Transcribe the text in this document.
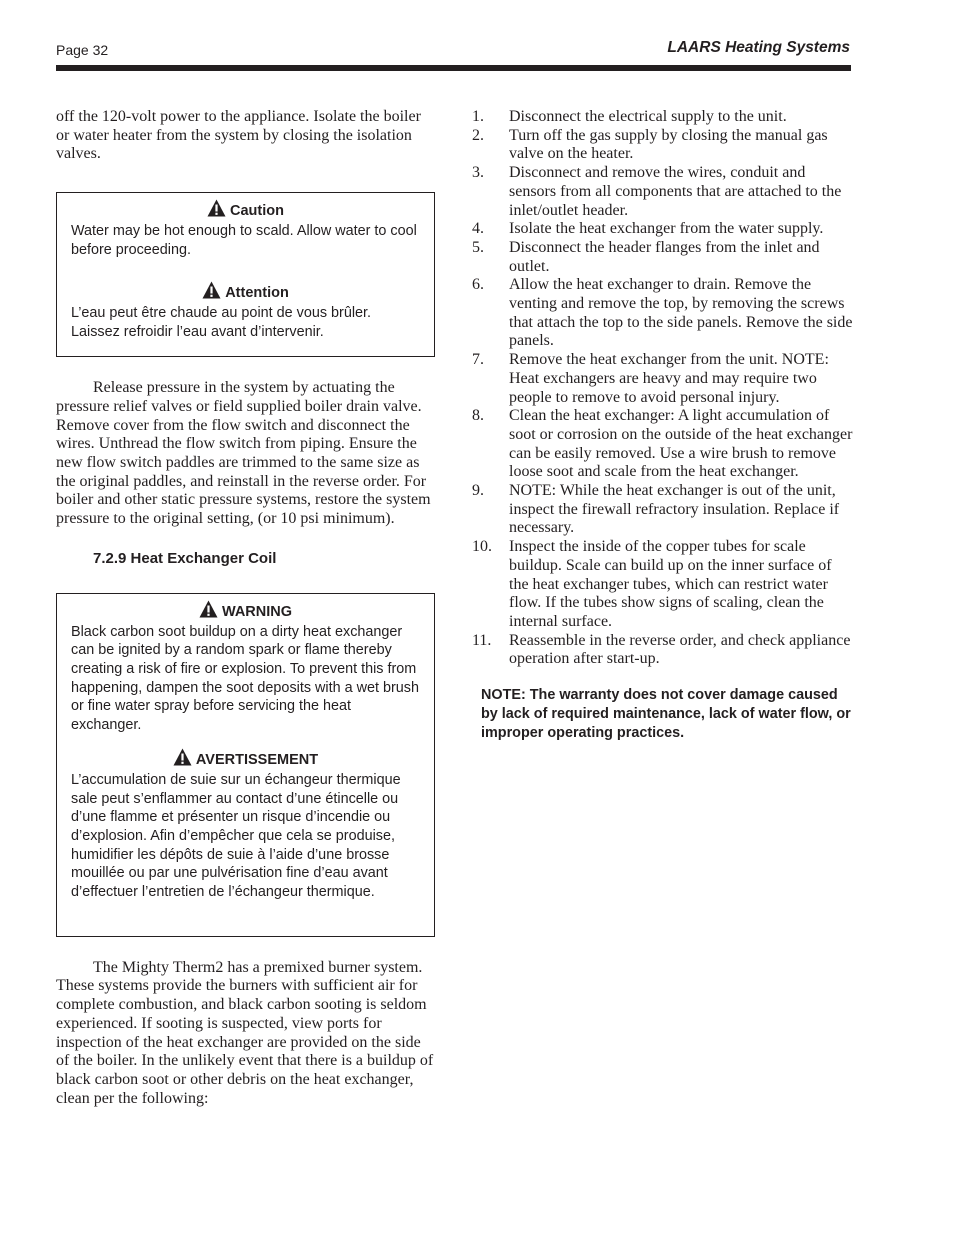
Page 32	LAARS Heating Systems

off the 120-volt power to the appliance. Isolate the boiler or water heater from the system by closing the isolation valves.

Caution

Water may be hot enough to scald. Allow water to cool before proceeding.

Attention

L’eau peut être chaude au point de vous brûler. Laissez refroidir l’eau avant d’intervenir.

Release pressure in the system by actuating the pressure relief valves or field supplied boiler drain valve. Remove cover from the flow switch and disconnect the wires. Unthread the flow switch from piping. Ensure the new flow switch paddles are trimmed to the same size as the original paddles, and reinstall in the reverse order. For boiler and other static pressure systems, restore the system pressure to the original setting, (or 10 psi minimum).

7.2.9 Heat Exchanger Coil

WARNING

Black carbon soot buildup on a dirty heat exchanger can be ignited by a random spark or flame thereby creating a risk of fire or explosion. To prevent this from happening, dampen the soot deposits with a wet brush or fine water spray before servicing the heat exchanger.

AVERTISSEMENT

L’accumulation de suie sur un échangeur thermique sale peut s’enflammer au contact d’une étincelle ou d’une flamme et présenter un risque d’incendie ou d’explosion. Afin d’empêcher que cela se produise, humidifier les dépôts de suie à l’aide d’une brosse mouillée ou par une pulvérisation fine d’eau avant d’effectuer l’entretien de l’échangeur thermique.

The Mighty Therm2 has a premixed burner system. These systems provide the burners with sufficient air for complete combustion, and black carbon sooting is seldom experienced. If sooting is suspected, view ports for inspection of the heat exchanger are provided on the side of the boiler. In the unlikely event that there is a buildup of black carbon soot or other debris on the heat exchanger, clean per the following:

1. Disconnect the electrical supply to the unit.
2. Turn off the gas supply by closing the manual gas valve on the heater.
3. Disconnect and remove the wires, conduit and sensors from all components that are attached to the inlet/outlet header.
4. Isolate the heat exchanger from the water supply.
5. Disconnect the header flanges from the inlet and outlet.
6. Allow the heat exchanger to drain. Remove the venting and remove the top, by removing the screws that attach the top to the side panels. Remove the side panels.
7. Remove the heat exchanger from the unit. NOTE: Heat exchangers are heavy and may require two people to remove to avoid personal injury.
8. Clean the heat exchanger: A light accumulation of soot or corrosion on the outside of the heat exchanger can be easily removed. Use a wire brush to remove loose soot and scale from the heat exchanger.
9. NOTE: While the heat exchanger is out of the unit, inspect the firewall refractory insulation. Replace if necessary.
10. Inspect the inside of the copper tubes for scale buildup. Scale can build up on the inner surface of the heat exchanger tubes, which can restrict water flow. If the tubes show signs of scaling, clean the internal surface.
11. Reassemble in the reverse order, and check appliance operation after start-up.

NOTE: The warranty does not cover damage caused by lack of required maintenance, lack of water flow, or improper operating practices.
